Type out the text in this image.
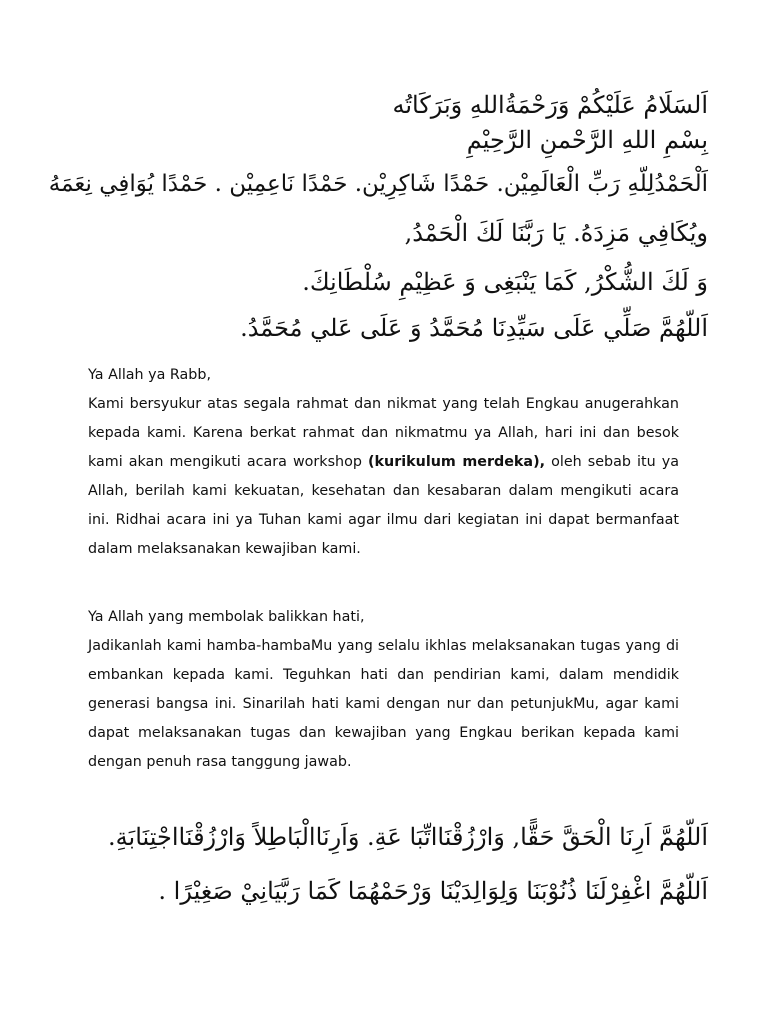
اَلسَلَامُ عَلَيْكُمْ وَرَحْمَةُاللهِ وَبَرَكَاتُه

بِسْمِ اللهِ الرَّحْمنِ الرَّحِيْمِ

اَلْحَمْدُلِلّهِ رَبِّ الْعَالَمِيْن. حَمْدًا شَاكِرِيْن. حَمْدًا نَاعِمِيْن . حَمْدًا يُوَافِي نِعَمَهُ

ويُكَافِي مَزِدَهُ. يَا رَبَّنَا لَكَ الْحَمْدُ,

وَ لَكَ الشُّكْرُ, كَمَا يَنْبَغِى وَ عَظِيْمِ سُلْطَانِكَ.

اَللّهُمَّ صَلِّي عَلَى سَيِّدِنَا مُحَمَّدُ وَ عَلَى عَلي مُحَمَّدُ.

Ya Allah ya Rabb,

Kami bersyukur atas segala rahmat dan nikmat yang telah Engkau anugerahkan kepada kami. Karena berkat rahmat dan nikmatmu ya Allah, hari ini dan besok kami akan mengikuti acara workshop (kurikulum merdeka), oleh sebab itu ya Allah, berilah kami kekuatan, kesehatan dan kesabaran dalam mengikuti acara ini. Ridhai acara ini ya Tuhan kami agar ilmu dari kegiatan ini dapat bermanfaat dalam melaksanakan kewajiban kami.

Ya Allah yang membolak balikkan hati,

Jadikanlah kami hamba-hambaMu yang selalu ikhlas melaksanakan tugas yang di embankan kepada kami. Teguhkan hati dan pendirian kami, dalam mendidik generasi bangsa ini. Sinarilah hati kami dengan nur dan petunjukMu, agar kami dapat melaksanakan tugas dan kewajiban yang Engkau berikan kepada kami dengan penuh rasa tanggung jawab.

اَللّهُمَّ اَرِنَا الْحَقَّ حَقًّا, وَارْزُقْنَااتِّبَا عَةِ. وَاَرِنَاالْبَاطِلاً وَارْزُقْنَااجْتِنَابَةِ.

اَللّهُمَّ اغْفِرْلَنَا ذُنُوْبَنَا وَلِوَالِدَيْنَا وَرْحَمْهُمَا كَمَا رَبَّيَانِيْ صَغِيْرًا .
